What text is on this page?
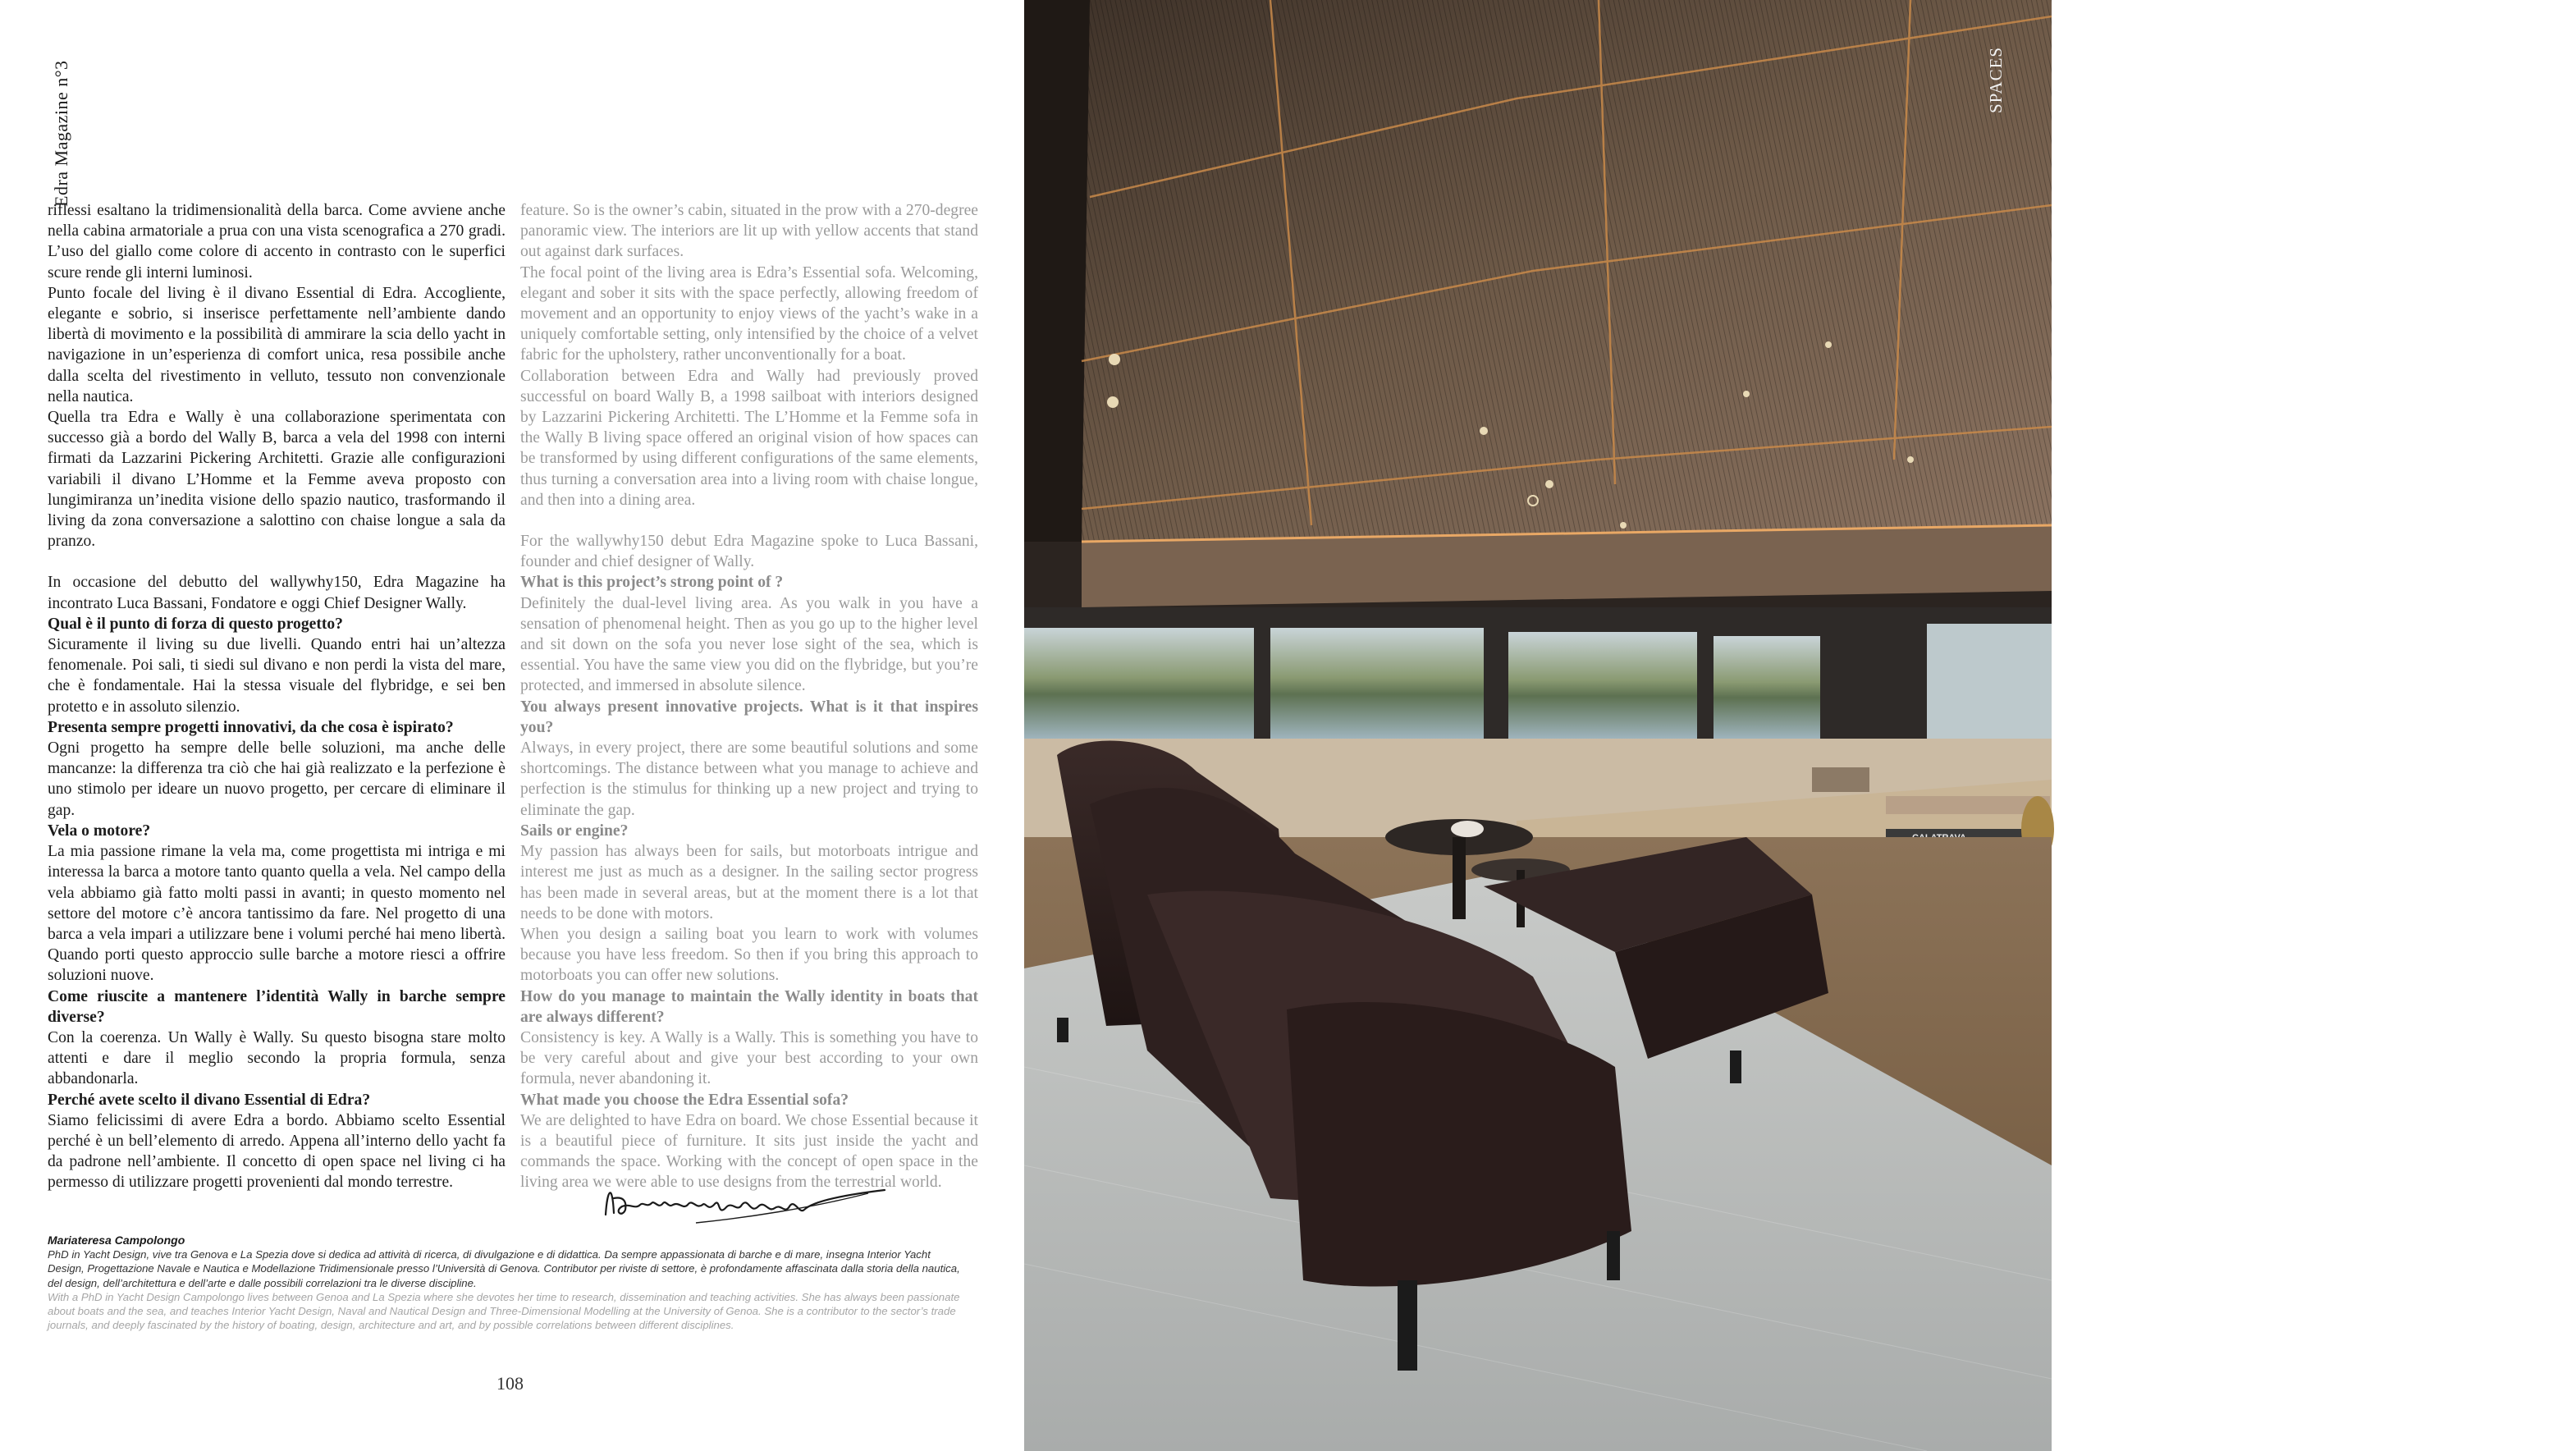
Edra Magazine n°3

riflessi esaltano la tridimensionalità della barca. Come avviene anche nella cabina armatoriale a prua con una vista scenografica a 270 gradi. L’uso del giallo come colore di accento in contrasto con le superfici scure rende gli interni luminosi.

Punto focale del living è il divano Essential di Edra. Accogliente, elegante e sobrio, si inserisce perfettamente nell’ambiente dando libertà di movimento e la possibilità di ammirare la scia dello yacht in navigazione in un’esperienza di comfort unica, resa possibile anche dalla scelta del rivestimento in velluto, tessuto non convenzionale nella nautica.

Quella tra Edra e Wally è una collaborazione sperimentata con successo già a bordo del Wally B, barca a vela del 1998 con interni firmati da Lazzarini Pickering Architetti. Grazie alle configurazioni variabili il divano L’Homme et la Femme aveva proposto con lungimiranza un’inedita visione dello spazio nautico, trasformando il living da zona conversazione a salottino con chaise longue a sala da pranzo.

In occasione del debutto del wallywhy150, Edra Magazine ha incontrato Luca Bassani, Fondatore e oggi Chief Designer Wally.

Qual è il punto di forza di questo progetto?

Sicuramente il living su due livelli. Quando entri hai un’altezza fenomenale. Poi sali, ti siedi sul divano e non perdi la vista del mare, che è fondamentale. Hai la stessa visuale del flybridge, e sei ben protetto e in assoluto silenzio.

Presenta sempre progetti innovativi, da che cosa è ispirato?

Ogni progetto ha sempre delle belle soluzioni, ma anche delle mancanze: la differenza tra ciò che hai già realizzato e la perfezione è uno stimolo per ideare un nuovo progetto, per cercare di eliminare il gap.

Vela o motore?

La mia passione rimane la vela ma, come progettista mi intriga e mi interessa la barca a motore tanto quanto quella a vela. Nel campo della vela abbiamo già fatto molti passi in avanti; in questo momento nel settore del motore c’è ancora tantissimo da fare. Nel progetto di una barca a vela impari a utilizzare bene i volumi perché hai meno libertà. Quando porti questo approccio sulle barche a motore riesci a offrire soluzioni nuove.

Come riuscite a mantenere l’identità Wally in barche sempre diverse?

Con la coerenza. Un Wally è Wally. Su questo bisogna stare molto attenti e dare il meglio secondo la propria formula, senza abbandonarla.

Perché avete scelto il divano Essential di Edra?

Siamo felicissimi di avere Edra a bordo. Abbiamo scelto Essential perché è un bell’elemento di arredo. Appena all’interno dello yacht fa da padrone nell’ambiente. Il concetto di open space nel living ci ha permesso di utilizzare progetti provenienti dal mondo terrestre.

feature. So is the owner’s cabin, situated in the prow with a 270-degree panoramic view. The interiors are lit up with yellow accents that stand out against dark surfaces.

The focal point of the living area is Edra’s Essential sofa. Welcoming, elegant and sober it sits with the space perfectly, allowing freedom of movement and an opportunity to enjoy views of the yacht’s wake in a uniquely comfortable setting, only intensified by the choice of a velvet fabric for the upholstery, rather unconventionally for a boat.

Collaboration between Edra and Wally had previously proved successful on board Wally B, a 1998 sailboat with interiors designed by Lazzarini Pickering Architetti. The L’Homme et la Femme sofa in the Wally B living space offered an original vision of how spaces can be transformed by using different configurations of the same elements, thus turning a conversation area into a living room with chaise longue, and then into a dining area.

For the wallywhy150 debut Edra Magazine spoke to Luca Bassani, founder and chief designer of Wally.

What is this project’s strong point of ?

Definitely the dual-level living area. As you walk in you have a sensation of phenomenal height. Then as you go up to the higher level and sit down on the sofa you never lose sight of the sea, which is essential. You have the same view you did on the flybridge, but you’re protected, and immersed in absolute silence.

You always present innovative projects. What is it that inspires you?

Always, in every project, there are some beautiful solutions and some shortcomings. The distance between what you manage to achieve and perfection is the stimulus for thinking up a new project and trying to eliminate the gap.

Sails or engine?

My passion has always been for sails, but motorboats intrigue and interest me just as much as a designer. In the sailing sector progress has been made in several areas, but at the moment there is a lot that needs to be done with motors.

When you design a sailing boat you learn to work with volumes because you have less freedom. So then if you bring this approach to motorboats you can offer new solutions.

How do you manage to maintain the Wally identity in boats that are always different?

Consistency is key. A Wally is a Wally. This is something you have to be very careful about and give your best according to your own formula, never abandoning it.

What made you choose the Edra Essential sofa?

We are delighted to have Edra on board. We chose Essential because it is a beautiful piece of furniture. It sits just inside the yacht and commands the space. Working with the concept of open space in the living area we were able to use designs from the terrestrial world.

Mariateresa Campolongo

PhD in Yacht Design, vive tra Genova e La Spezia dove si dedica ad attività di ricerca, di divulgazione e di didattica. Da sempre appassionata di barche e di mare, insegna Interior Yacht Design, Progettazione Navale e Nautica e Modellazione Tridimensionale presso l’Università di Genova. Contributor per riviste di settore, è profondamente affascinata dalla storia della nautica, del design, dell’architettura e dell’arte e dalle possibili correlazioni tra le diverse discipline.

With a PhD in Yacht Design Campolongo lives between Genoa and La Spezia where she devotes her time to research, dissemination and teaching activities. She has always been passionate about boats and the sea, and teaches Interior Yacht Design, Naval and Nautical Design and Three-Dimensional Modelling at the University of Genoa. She is a contributor to the sector’s trade journals, and deeply fascinated by the history of boating, design, architecture and art, and by possible correlations between different disciplines.

108	109
SPACES
